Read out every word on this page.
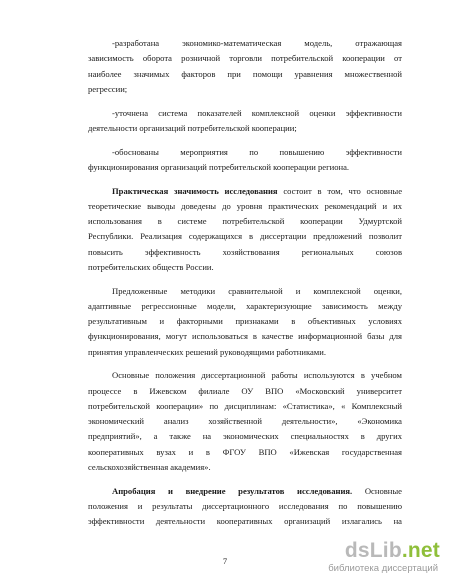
-разработана экономико-математическая модель, отражающая
зависимость оборота розничной торговли потребительской кооперации от
наиболее значимых факторов при помощи уравнения множественной
регрессии;

-уточнена система показателей комплексной оценки эффективности
деятельности организаций потребительской кооперации;

-обоснованы мероприятия по повышению эффективности
функционирования организаций потребительской кооперации региона.

Практическая значимость исследования состоит в том, что основные
теоретические выводы доведены до уровня практических рекомендаций и их
использования в системе потребительской кооперации Удмуртской
Республики. Реализация содержащихся в диссертации предложений позволит
повысить эффективность хозяйствования региональных союзов
потребительских обществ России.

Предложенные методики сравнительной и комплексной оценки,
адаптивные регрессионные модели, характеризующие зависимость между
результативным и факторными признаками в объективных условиях
функционирования, могут использоваться в качестве информационной базы для
принятия управленческих решений руководящими работниками.

Основные положения диссертационной работы используются в учебном
процессе в Ижевском филиале ОУ ВПО «Московский университет
потребительской кооперации» по дисциплинам: «Статистика», « Комплексный
экономический анализ хозяйственной деятельности», «Экономика
предприятий», а также на экономических специальностях в других
кооперативных вузах и в ФГОУ ВПО «Ижевская государственная
сельскохозяйственная академия».

Апробация и внедрение результатов исследования. Основные
положения и результаты диссертационного исследования по повышению
эффективности деятельности кооперативных организаций излагались на

7	dsLib.net
библиотека диссертаций
